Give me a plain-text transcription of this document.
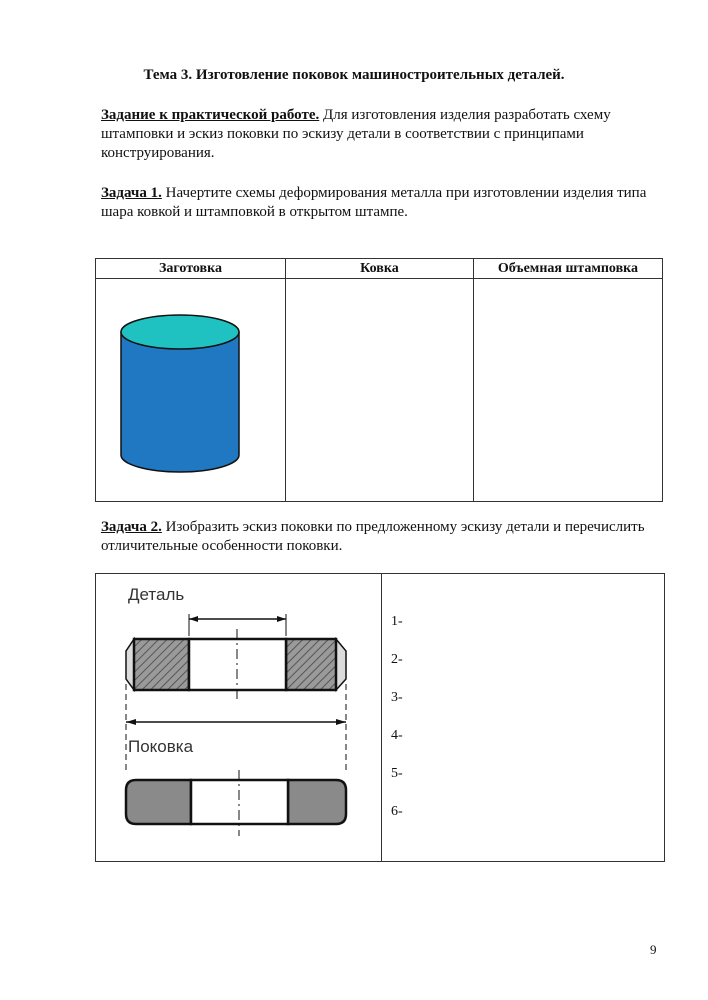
Тема 3. Изготовление поковок машиностроительных деталей.
Задание к практической работе. Для изготовления изделия разработать схему штамповки и эскиз поковки по эскизу детали в соответствии с принципами конструирования.
Задача 1. Начертите схемы деформирования металла при изготовлении изделия типа шара ковкой и штамповкой в открытом штампе.
Заготовка	Ковка	Объемная штамповка

Задача 2. Изобразить эскиз поковки по предложенному эскизу детали и перечислить отличительные особенности поковки.
Деталь
Поковка
1-
2-
3-
4-
5-
6-
9
